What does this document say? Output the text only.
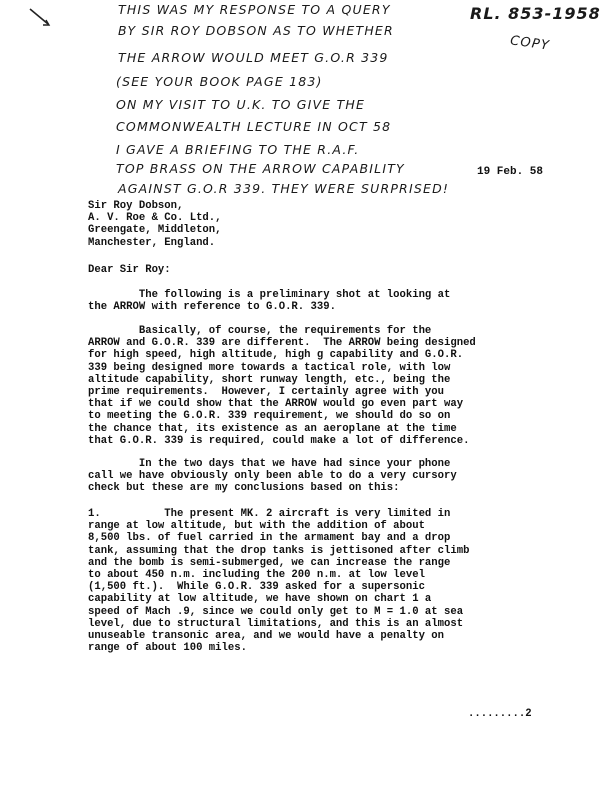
THIS WAS MY RESPONSE TO A QUERY
BY SIR ROY DOBSON AS TO WHETHER
THE ARROW WOULD MEET G.O.R 339
(SEE YOUR BOOK PAGE 183)
ON MY VISIT TO U.K. TO GIVE THE
COMMONWEALTH LECTURE IN OCT 58
I GAVE A BRIEFING TO THE R.A.F.
TOP BRASS ON THE ARROW CAPABILITY
AGAINST G.O.R 339. THEY WERE SURPRISED!
RL. 853-1958
COPY
19 Feb. 58
Sir Roy Dobson,
A. V. Roe & Co. Ltd.,
Greengate, Middleton,
Manchester, England.
Dear Sir Roy:
The following is a preliminary shot at looking at
the ARROW with reference to G.O.R. 339.
Basically, of course, the requirements for the
ARROW and G.O.R. 339 are different.  The ARROW being designed
for high speed, high altitude, high g capability and G.O.R.
339 being designed more towards a tactical role, with low
altitude capability, short runway length, etc., being the
prime requirements.  However, I certainly agree with you
that if we could show that the ARROW would go even part way
to meeting the G.O.R. 339 requirement, we should do so on
the chance that, its existence as an aeroplane at the time
that G.O.R. 339 is required, could make a lot of difference.
In the two days that we have had since your phone
call we have obviously only been able to do a very cursory
check but these are my conclusions based on this:
1.          The present MK. 2 aircraft is very limited in
range at low altitude, but with the addition of about
8,500 lbs. of fuel carried in the armament bay and a drop
tank, assuming that the drop tanks is jettisoned after climb
and the bomb is semi-submerged, we can increase the range
to about 450 n.m. including the 200 n.m. at low level
(1,500 ft.).  While G.O.R. 339 asked for a supersonic
capability at low altitude, we have shown on chart 1 a
speed of Mach .9, since we could only get to M = 1.0 at sea
level, due to structural limitations, and this is an almost
unuseable transonic area, and we would have a penalty on
range of about 100 miles.
.........2
